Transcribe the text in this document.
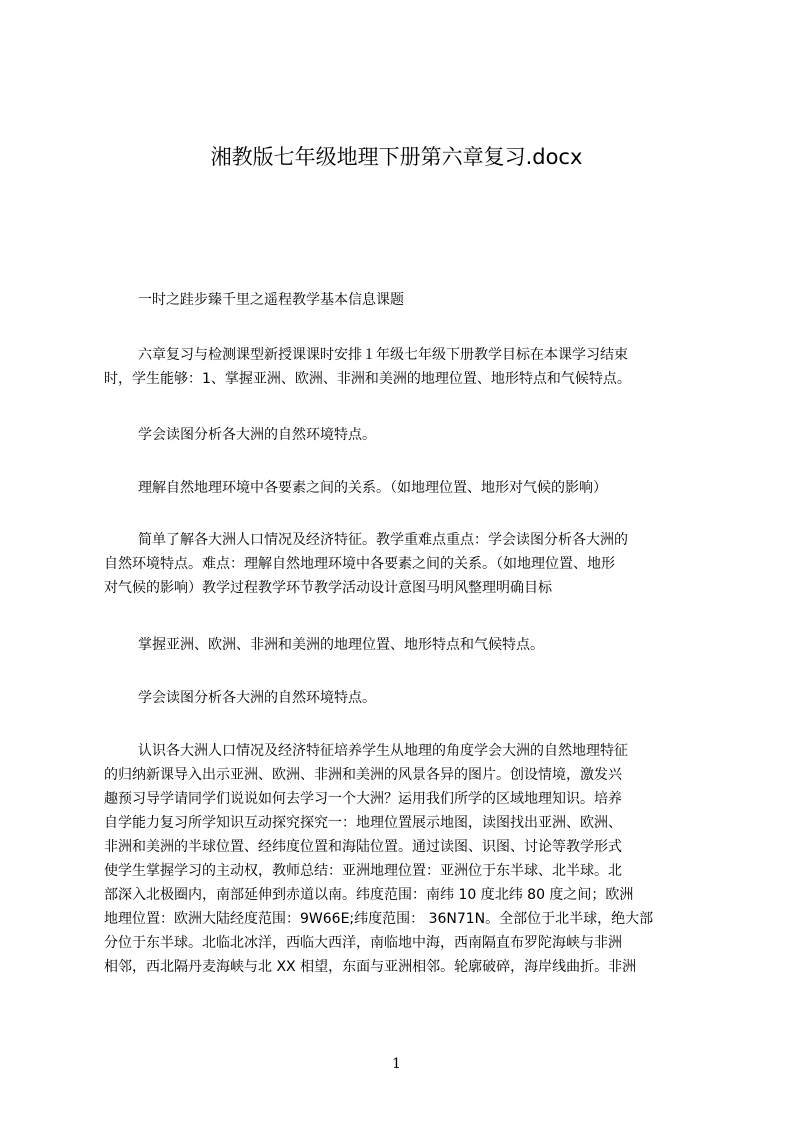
湘教版七年级地理下册第六章复习.docx

一时之跬步臻千里之遥程教学基本信息课题

六章复习与检测课型新授课课时安排１年级七年级下册教学目标在本课学习结束
时，学生能够：1、掌握亚洲、欧洲、非洲和美洲的地理位置、地形特点和气候特点。

学会读图分析各大洲的自然环境特点。

理解自然地理环境中各要素之间的关系。（如地理位置、地形对气候的影响）

简单了解各大洲人口情况及经济特征。教学重难点重点：学会读图分析各大洲的
自然环境特点。难点：理解自然地理环境中各要素之间的关系。（如地理位置、地形
对气候的影响）教学过程教学环节教学活动设计意图马明风整理明确目标

掌握亚洲、欧洲、非洲和美洲的地理位置、地形特点和气候特点。

学会读图分析各大洲的自然环境特点。

认识各大洲人口情况及经济特征培养学生从地理的角度学会大洲的自然地理特征
的归纳新课导入出示亚洲、欧洲、非洲和美洲的风景各异的图片。创设情境，激发兴
趣预习导学请同学们说说如何去学习一个大洲？运用我们所学的区域地理知识。培养
自学能力复习所学知识互动探究探究一：地理位置展示地图，读图找出亚洲、欧洲、
非洲和美洲的半球位置、经纬度位置和海陆位置。通过读图、识图、讨论等教学形式
使学生掌握学习的主动权，教师总结：亚洲地理位置：亚洲位于东半球、北半球。北
部深入北极圈内，南部延伸到赤道以南。纬度范围：南纬 10 度北纬 80 度之间；欧洲
地理位置：欧洲大陆经度范围：9W66E;纬度范围： 36N71N。全部位于北半球，绝大部
分位于东半球。北临北冰洋，西临大西洋，南临地中海，西南隔直布罗陀海峡与非洲
相邻，西北隔丹麦海峡与北 XX 相望，东面与亚洲相邻。轮廓破碎，海岸线曲折。非洲

1
